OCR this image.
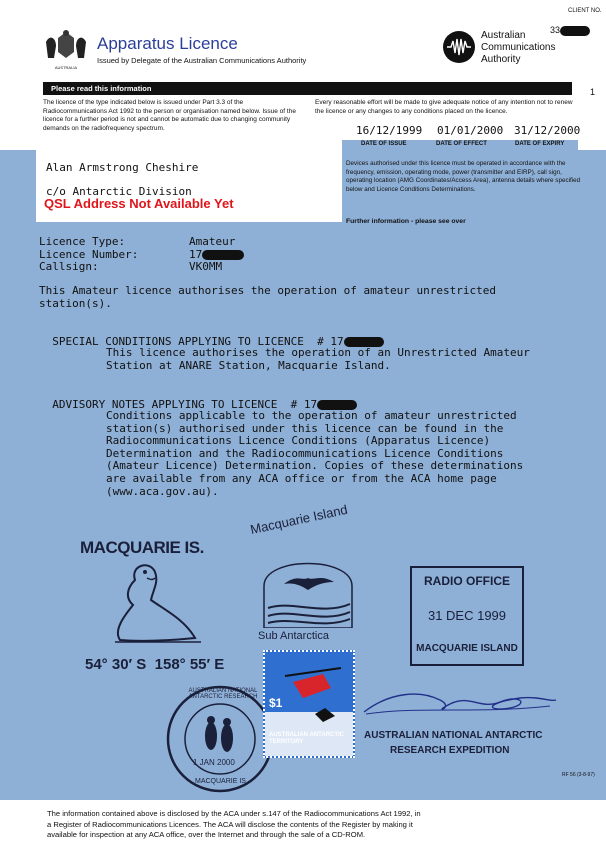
CLIENT NO.
33
AUSTRALIA
Apparatus Licence
Issued by Delegate of the Australian Communications Authority
Australian
Communications
Authority
Please read this information	1
The licence of the type indicated below is issued under Part 3.3 of the Radiocommunications Act 1992 to the person or organisation named below. Issue of the licence for a further period is not and cannot be automatic due to changing community demands on the radiofrequency spectrum.
Every reasonable effort will be made to give adequate notice of any intention not to renew the licence or any changes to any conditions placed on the licence.
16/12/1999 01/01/2000 31/12/2000
DATE OF ISSUE	DATE OF EFFECT	DATE OF EXPIRY
Alan Armstrong Cheshire
c/o Antarctic Division
QSL Address Not Available Yet
Devices authorised under this licence must be operated in accordance with the frequency, emission, operating mode, power (transmitter and EIRP), call sign, operating location (AMG Coordinates/Access Area), antenna details where specified below and Licence Conditions Determinations.
Further information - please see over
Licence Type:	Amateur
Licence Number:	17
Callsign:	VK0MM
This Amateur licence authorises the operation of amateur unrestricted
station(s).

SPECIAL CONDITIONS APPLYING TO LICENCE  # 17

This licence authorises the operation of an Unrestricted Amateur
Station at ANARE Station, Macquarie Island.

ADVISORY NOTES APPLYING TO LICENCE  # 17

Conditions applicable to the operation of amateur unrestricted
station(s) authorised under this licence can be found in the
Radiocommunications Licence Conditions (Apparatus Licence)
Determination and the Radiocommunications Licence Conditions
(Amateur Licence) Determination. Copies of these determinations
are available from any ACA office or from the ACA home page
(www.aca.gov.au).
MACQUARIE IS.
54° 30′ S  158° 55′ E
Macquarie Island
Sub Antarctica
RADIO OFFICE
31 DEC 1999
MACQUARIE ISLAND
AUSTRALIAN NATIONAL ANTARCTIC RESEARCH
1 JAN 2000
MACQUARIE IS.
$1
AUSTRALIAN ANTARCTIC TERRITORY
AUSTRALIAN NATIONAL ANTARCTIC
RESEARCH EXPEDITION
RF 56 (3-8-97)
The information contained above is disclosed by the ACA under s.147 of the Radiocommunications Act 1992, in
a Register of Radiocommunications Licences. The ACA will disclose the contents of the Register by making it
available for inspection at any ACA office, over the Internet and through the sale of a CD-ROM.
